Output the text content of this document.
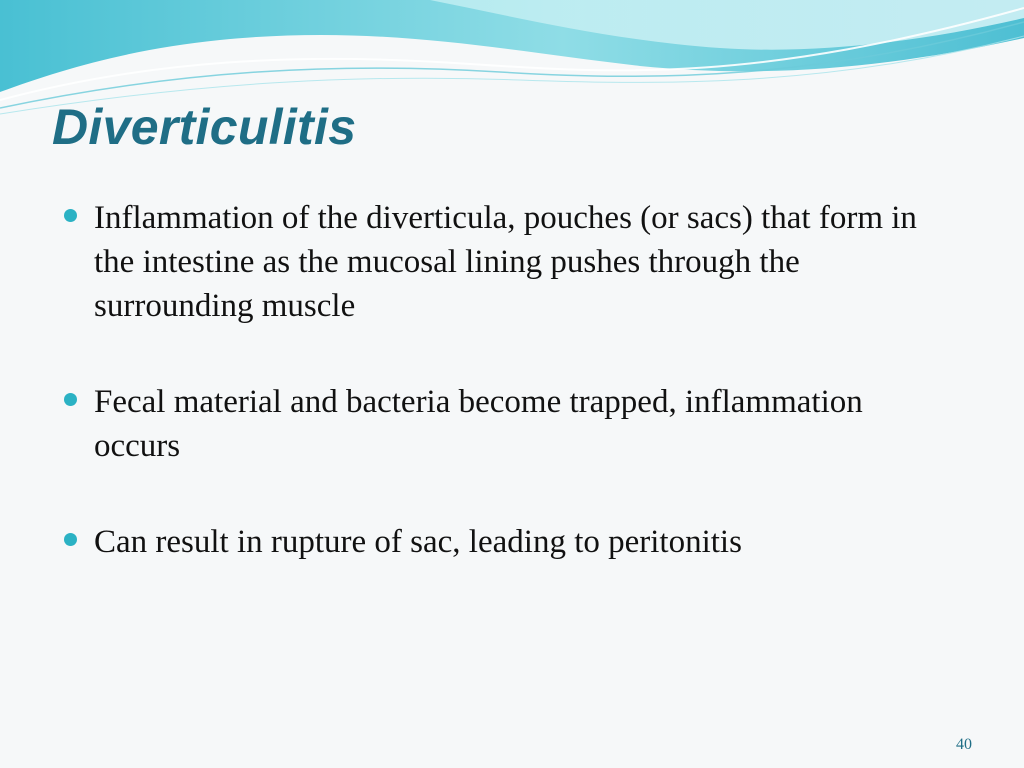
Diverticulitis
Inflammation of the diverticula, pouches (or sacs) that form in the intestine as the mucosal lining pushes through the surrounding muscle
Fecal material and bacteria become trapped, inflammation occurs
Can result in rupture of sac, leading to peritonitis
40
